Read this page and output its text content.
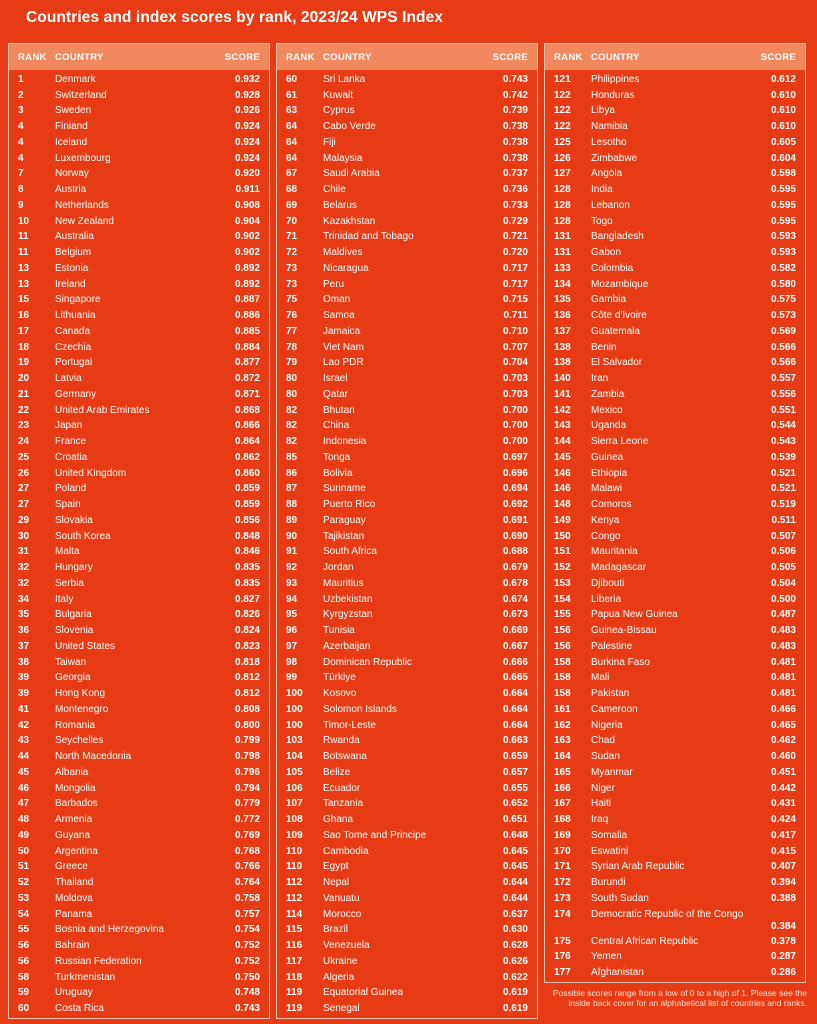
Countries and index scores by rank, 2023/24 WPS Index
RANK COUNTRY	SCORE
1	Denmark	0.932
2	Switzerland	0.928
3	Sweden	0.926
4	Finland	0.924
4	Iceland	0.924
4	Luxembourg	0.924
7	Norway	0.920
8	Austria	0.911
9	Netherlands	0.908
10	New Zealand	0.904
11	Australia	0.902
11	Belgium	0.902
13	Estonia	0.892
13	Ireland	0.892
15	Singapore	0.887
16	Lithuania	0.886
17	Canada	0.885
18	Czechia	0.884
19	Portugal	0.877
20	Latvia	0.872
21	Germany	0.871
22	United Arab Emirates	0.868
23	Japan	0.866
24	France	0.864
25	Croatia	0.862
26	United Kingdom	0.860
27	Poland	0.859
27	Spain	0.859
29	Slovakia	0.856
30	South Korea	0.848
31	Malta	0.846
32	Hungary	0.835
32	Serbia	0.835
34	Italy	0.827
35	Bulgaria	0.826
36	Slovenia	0.824
37	United States	0.823
38	Taiwan	0.818
39	Georgia	0.812
39	Hong Kong	0.812
41	Montenegro	0.808
42	Romania	0.800
43	Seychelles	0.799
44	North Macedonia	0.798
45	Albania	0.796
46	Mongolia	0.794
47	Barbados	0.779
48	Armenia	0.772
49	Guyana	0.769
50	Argentina	0.768
51	Greece	0.766
52	Thailand	0.764
53	Moldova	0.758
54	Panama	0.757
55	Bosnia and Herzegovina	0.754
56	Bahrain	0.752
56	Russian Federation	0.752
58	Turkmenistan	0.750
59	Uruguay	0.748
60	Costa Rica	0.743
RANK COUNTRY	SCORE
60	Sri Lanka	0.743
61	Kuwait	0.742
63	Cyprus	0.739
64	Cabo Verde	0.738
64	Fiji	0.738
64	Malaysia	0.738
67	Saudi Arabia	0.737
68	Chile	0.736
69	Belarus	0.733
70	Kazakhstan	0.729
71	Trinidad and Tobago	0.721
72	Maldives	0.720
73	Nicaragua	0.717
73	Peru	0.717
75	Oman	0.715
76	Samoa	0.711
77	Jamaica	0.710
78	Viet Nam	0.707
79	Lao PDR	0.704
80	Israel	0.703
80	Qatar	0.703
82	Bhutan	0.700
82	China	0.700
82	Indonesia	0.700
85	Tonga	0.697
86	Bolivia	0.696
87	Suriname	0.694
88	Puerto Rico	0.692
89	Paraguay	0.691
90	Tajikistan	0.690
91	South Africa	0.688
92	Jordan	0.679
93	Mauritius	0.678
94	Uzbekistan	0.674
95	Kyrgyzstan	0.673
96	Tunisia	0.669
97	Azerbaijan	0.667
98	Dominican Republic	0.666
99	Türkiye	0.665
100	Kosovo	0.664
100	Solomon Islands	0.664
100	Timor-Leste	0.664
103	Rwanda	0.663
104	Botswana	0.659
105	Belize	0.657
106	Ecuador	0.655
107	Tanzania	0.652
108	Ghana	0.651
109	Sao Tome and Principe	0.648
110	Cambodia	0.645
110	Egypt	0.645
112	Nepal	0.644
112	Vanuatu	0.644
114	Morocco	0.637
115	Brazil	0.630
116	Venezuela	0.628
117	Ukraine	0.626
118	Algeria	0.622
119	Equatorial Guinea	0.619
119	Senegal	0.619
RANK COUNTRY	SCORE
121	Philippines	0.612
122	Honduras	0.610
122	Libya	0.610
122	Namibia	0.610
125	Lesotho	0.605
126	Zimbabwe	0.604
127	Angola	0.598
128	India	0.595
128	Lebanon	0.595
128	Togo	0.595
131	Bangladesh	0.593
131	Gabon	0.593
133	Colombia	0.582
134	Mozambique	0.580
135	Gambia	0.575
136	Côte d'Ivoire	0.573
137	Guatemala	0.569
138	Benin	0.566
138	El Salvador	0.566
140	Iran	0.557
141	Zambia	0.556
142	Mexico	0.551
143	Uganda	0.544
144	Sierra Leone	0.543
145	Guinea	0.539
146	Ethiopia	0.521
146	Malawi	0.521
148	Comoros	0.519
149	Kenya	0.511
150	Congo	0.507
151	Mauritania	0.506
152	Madagascar	0.505
153	Djibouti	0.504
154	Liberia	0.500
155	Papua New Guinea	0.487
156	Guinea-Bissau	0.483
156	Palestine	0.483
158	Burkina Faso	0.481
158	Mali	0.481
158	Pakistan	0.481
161	Cameroon	0.466
162	Nigeria	0.465
163	Chad	0.462
164	Sudan	0.460
165	Myanmar	0.451
166	Niger	0.442
167	Haiti	0.431
168	Iraq	0.424
169	Somalia	0.417
170	Eswatini	0.415
171	Syrian Arab Republic	0.407
172	Burundi	0.394
173	South Sudan	0.388
174	Democratic Republic of the Congo
0.384
175	Central African Republic	0.378
176	Yemen	0.287
177	Afghanistan	0.286
Possible scores range from a low of 0 to a high of 1. Please see the inside back cover for an alphabetical list of countries and ranks.
